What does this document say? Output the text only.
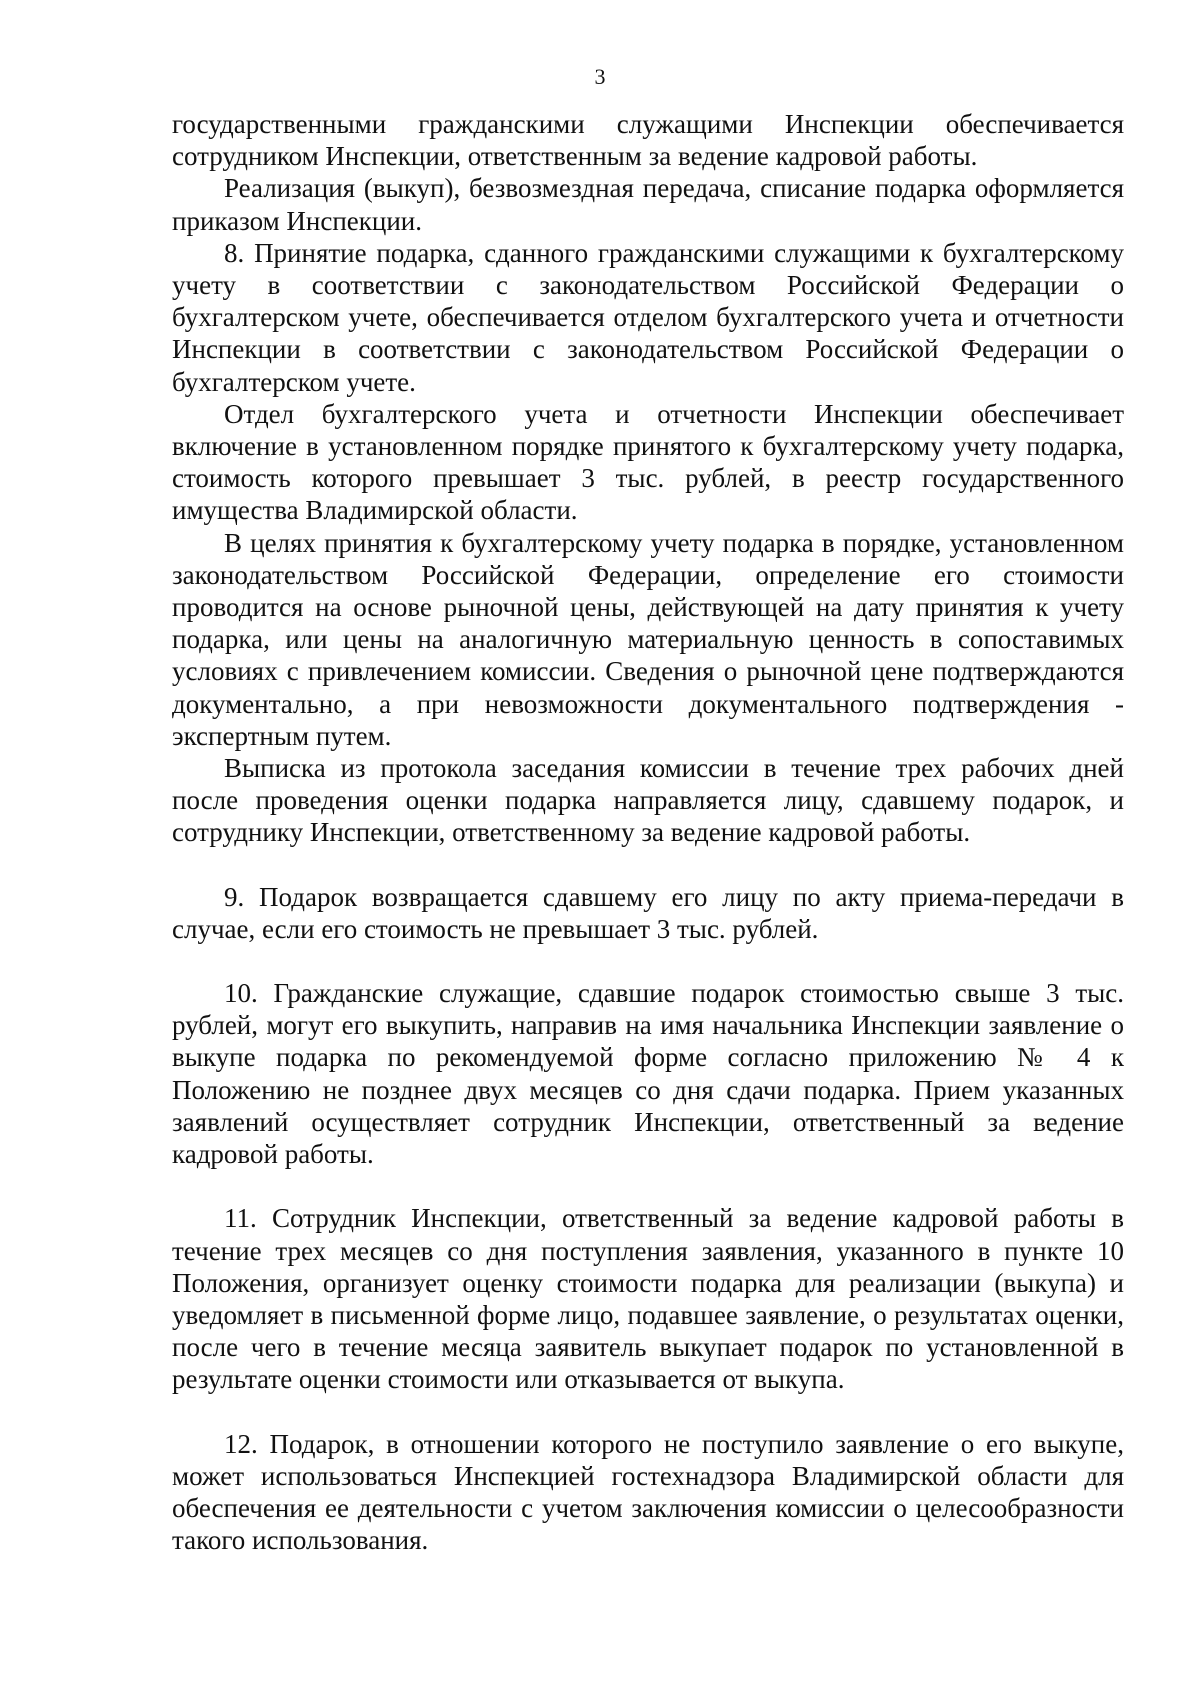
3

государственными гражданскими служащими Инспекции обеспечивается сотрудником Инспекции, ответственным за ведение кадровой работы.

Реализация (выкуп), безвозмездная передача, списание подарка оформляется приказом Инспекции.

8. Принятие подарка, сданного гражданскими служащими к бухгалтерскому учету в соответствии с законодательством Российской Федерации о бухгалтерском учете, обеспечивается отделом бухгалтерского учета и отчетности Инспекции в соответствии с законодательством Российской Федерации о бухгалтерском учете.

Отдел бухгалтерского учета и отчетности Инспекции обеспечивает включение в установленном порядке принятого к бухгалтерскому учету подарка, стоимость которого превышает 3 тыс. рублей, в реестр государственного имущества Владимирской области.

В целях принятия к бухгалтерскому учету подарка в порядке, установленном законодательством Российской Федерации, определение его стоимости проводится на основе рыночной цены, действующей на дату принятия к учету подарка, или цены на аналогичную материальную ценность в сопоставимых условиях с привлечением комиссии. Сведения о рыночной цене подтверждаются документально, а при невозможности документального подтверждения - экспертным путем.

Выписка из протокола заседания комиссии в течение трех рабочих дней после проведения оценки подарка направляется лицу, сдавшему подарок, и сотруднику Инспекции, ответственному за ведение кадровой работы.

9. Подарок возвращается сдавшему его лицу по акту приема-передачи в случае, если его стоимость не превышает 3 тыс. рублей.

10. Гражданские служащие, сдавшие подарок стоимостью свыше 3 тыс. рублей, могут его выкупить, направив на имя начальника Инспекции заявление о выкупе подарка по рекомендуемой форме согласно приложению № 4 к Положению не позднее двух месяцев со дня сдачи подарка. Прием указанных заявлений осуществляет сотрудник Инспекции, ответственный за ведение кадровой работы.

11. Сотрудник Инспекции, ответственный за ведение кадровой работы в течение трех месяцев со дня поступления заявления, указанного в пункте 10 Положения, организует оценку стоимости подарка для реализации (выкупа) и уведомляет в письменной форме лицо, подавшее заявление, о результатах оценки, после чего в течение месяца заявитель выкупает подарок по установленной в результате оценки стоимости или отказывается от выкупа.

12. Подарок, в отношении которого не поступило заявление о его выкупе, может использоваться Инспекцией гостехнадзора Владимирской области для обеспечения ее деятельности с учетом заключения комиссии о целесообразности такого использования.
